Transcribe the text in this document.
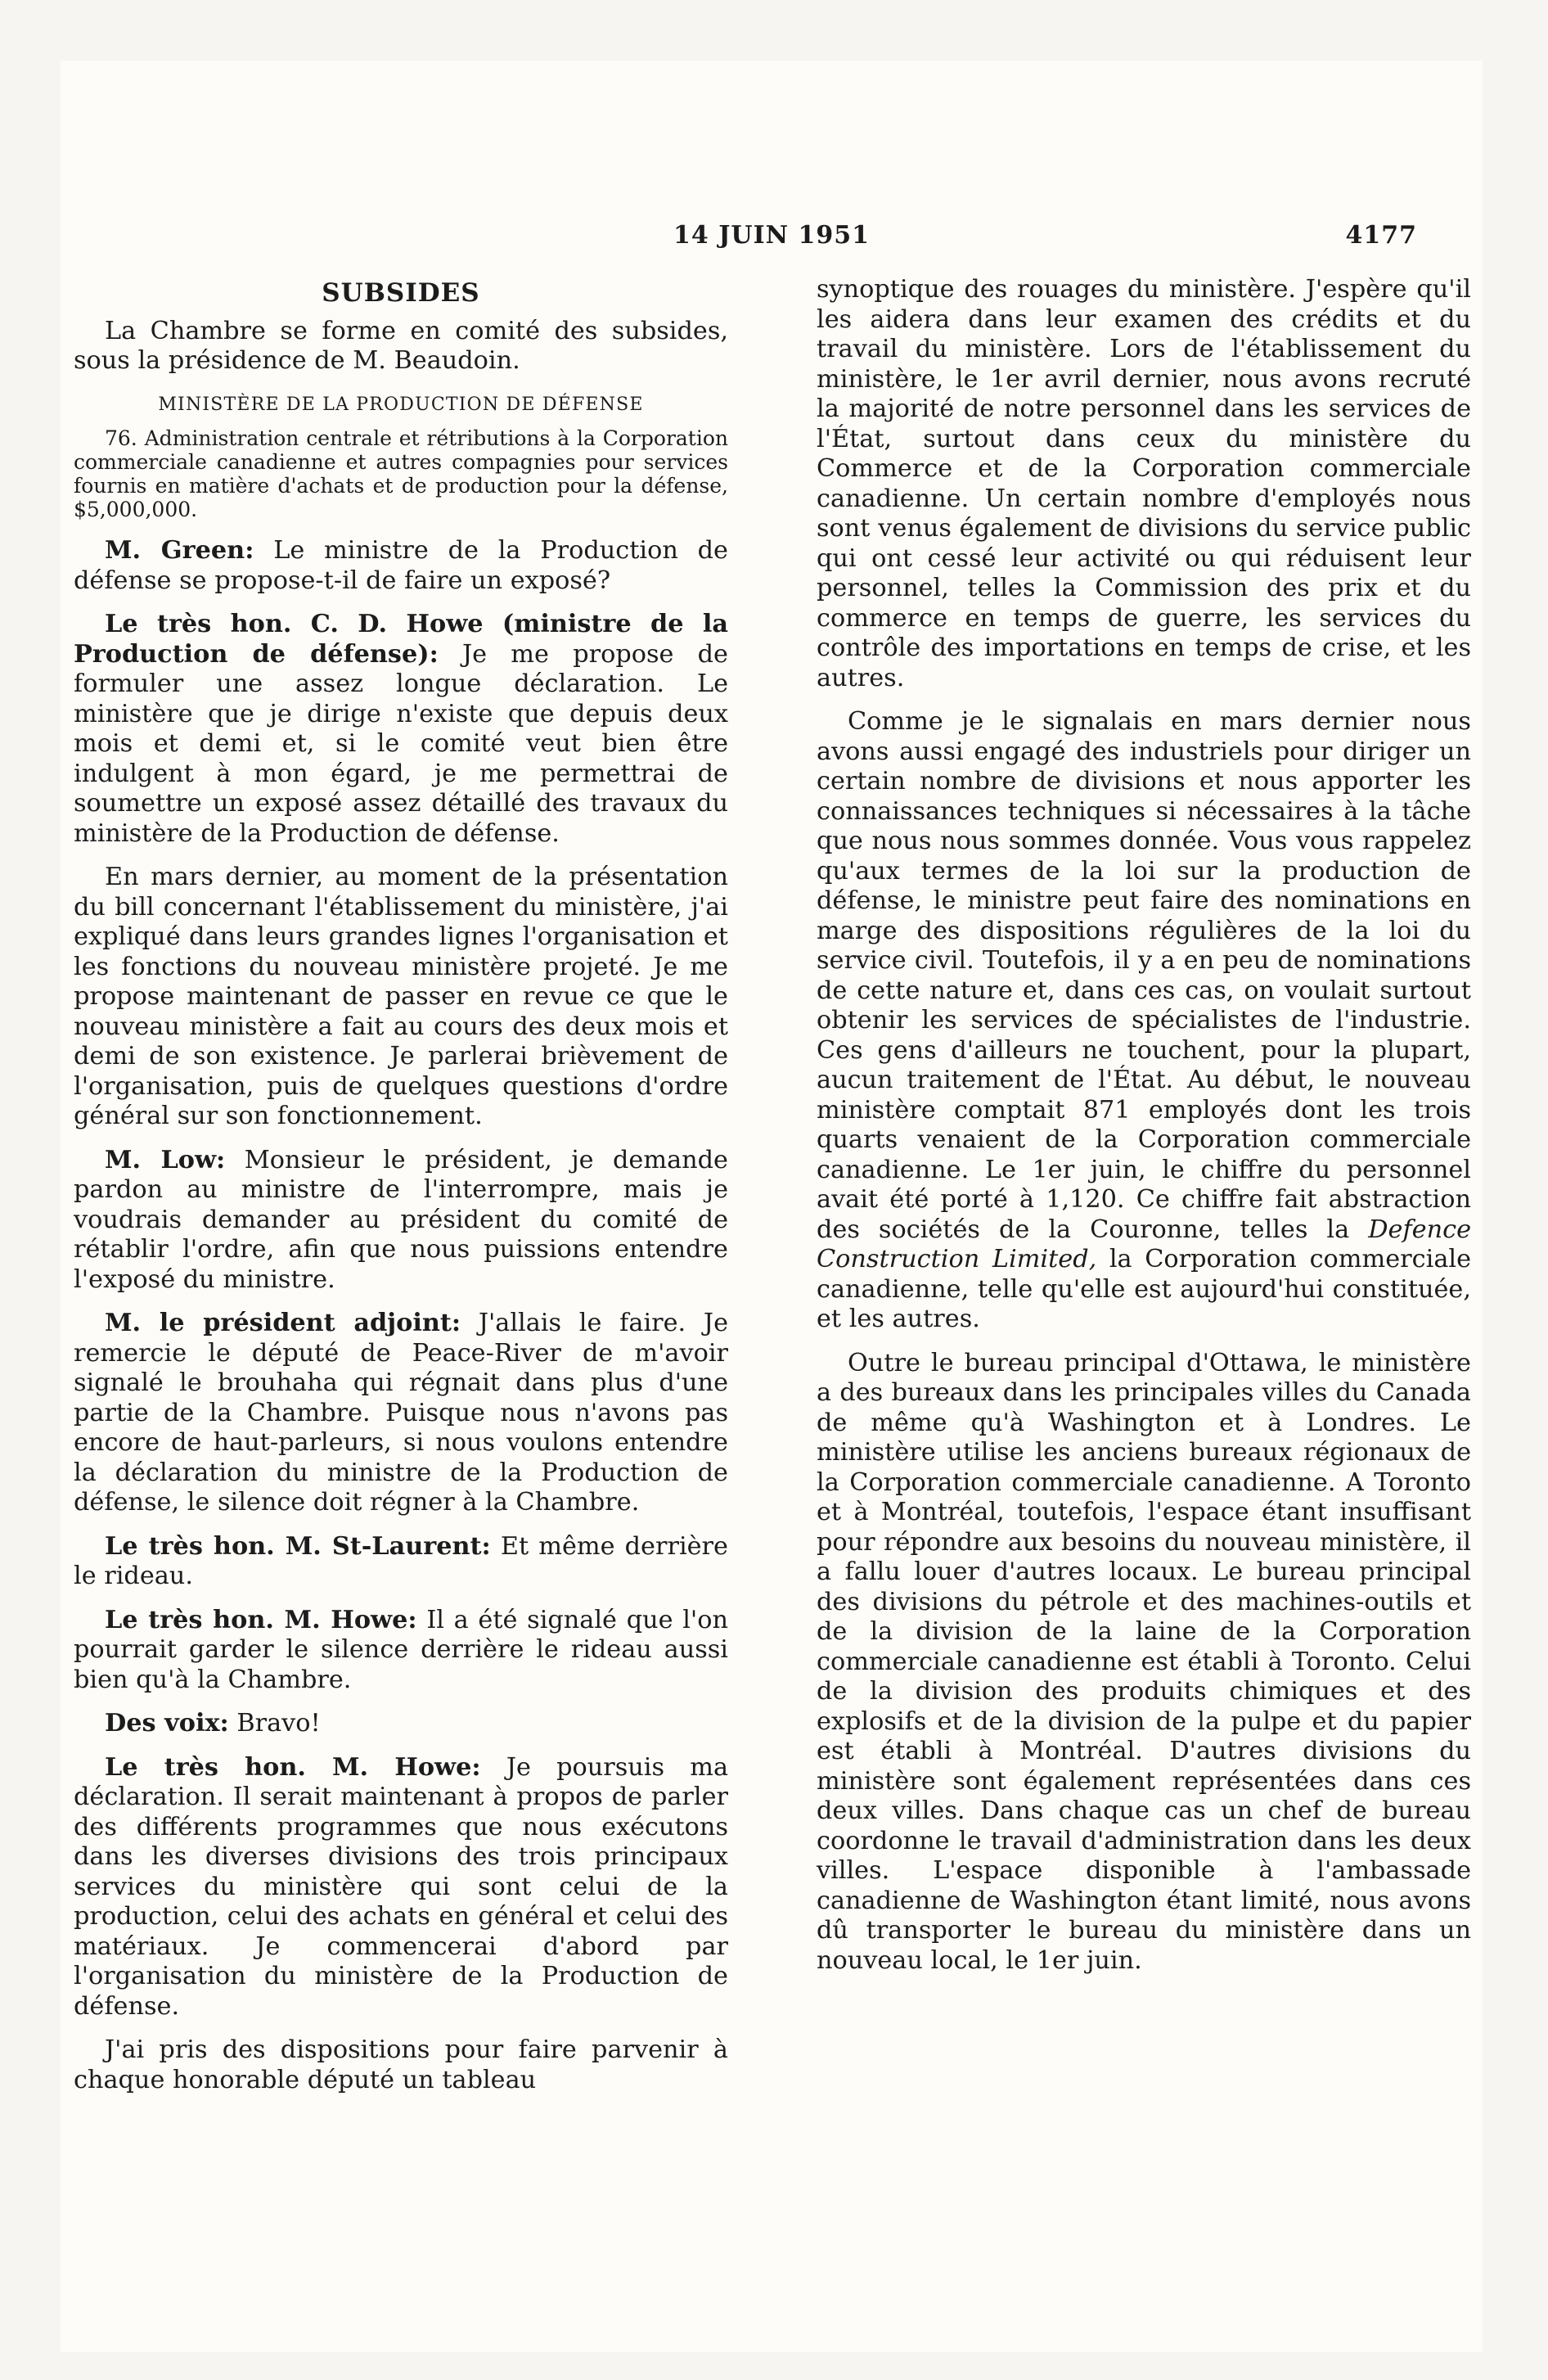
14 JUIN 1951	4177
SUBSIDES

La Chambre se forme en comité des subsides, sous la présidence de M. Beaudoin.

MINISTÈRE DE LA PRODUCTION DE DÉFENSE

76. Administration centrale et rétributions à la Corporation commerciale canadienne et autres compagnies pour services fournis en matière d'achats et de production pour la défense, $5,000,000.

M. Green: Le ministre de la Production de défense se propose-t-il de faire un exposé?

Le très hon. C. D. Howe (ministre de la Production de défense): Je me propose de formuler une assez longue déclaration. Le ministère que je dirige n'existe que depuis deux mois et demi et, si le comité veut bien être indulgent à mon égard, je me permettrai de soumettre un exposé assez détaillé des travaux du ministère de la Production de défense.

En mars dernier, au moment de la présentation du bill concernant l'établissement du ministère, j'ai expliqué dans leurs grandes lignes l'organisation et les fonctions du nouveau ministère projeté. Je me propose maintenant de passer en revue ce que le nouveau ministère a fait au cours des deux mois et demi de son existence. Je parlerai brièvement de l'organisation, puis de quelques questions d'ordre général sur son fonctionnement.

M. Low: Monsieur le président, je demande pardon au ministre de l'interrompre, mais je voudrais demander au président du comité de rétablir l'ordre, afin que nous puissions entendre l'exposé du ministre.

M. le président adjoint: J'allais le faire. Je remercie le député de Peace-River de m'avoir signalé le brouhaha qui régnait dans plus d'une partie de la Chambre. Puisque nous n'avons pas encore de haut-parleurs, si nous voulons entendre la déclaration du ministre de la Production de défense, le silence doit régner à la Chambre.

Le très hon. M. St-Laurent: Et même derrière le rideau.

Le très hon. M. Howe: Il a été signalé que l'on pourrait garder le silence derrière le rideau aussi bien qu'à la Chambre.

Des voix: Bravo!

Le très hon. M. Howe: Je poursuis ma déclaration. Il serait maintenant à propos de parler des différents programmes que nous exécutons dans les diverses divisions des trois principaux services du ministère qui sont celui de la production, celui des achats en général et celui des matériaux. Je commencerai d'abord par l'organisation du ministère de la Production de défense.

J'ai pris des dispositions pour faire parvenir à chaque honorable député un tableau

synoptique des rouages du ministère. J'espère qu'il les aidera dans leur examen des crédits et du travail du ministère. Lors de l'établissement du ministère, le 1er avril dernier, nous avons recruté la majorité de notre personnel dans les services de l'État, surtout dans ceux du ministère du Commerce et de la Corporation commerciale canadienne. Un certain nombre d'employés nous sont venus également de divisions du service public qui ont cessé leur activité ou qui réduisent leur personnel, telles la Commission des prix et du commerce en temps de guerre, les services du contrôle des importations en temps de crise, et les autres.

Comme je le signalais en mars dernier nous avons aussi engagé des industriels pour diriger un certain nombre de divisions et nous apporter les connaissances techniques si nécessaires à la tâche que nous nous sommes donnée. Vous vous rappelez qu'aux termes de la loi sur la production de défense, le ministre peut faire des nominations en marge des dispositions régulières de la loi du service civil. Toutefois, il y a en peu de nominations de cette nature et, dans ces cas, on voulait surtout obtenir les services de spécialistes de l'industrie. Ces gens d'ailleurs ne touchent, pour la plupart, aucun traitement de l'État. Au début, le nouveau ministère comptait 871 employés dont les trois quarts venaient de la Corporation commerciale canadienne. Le 1er juin, le chiffre du personnel avait été porté à 1,120. Ce chiffre fait abstraction des sociétés de la Couronne, telles la Defence Construction Limited, la Corporation commerciale canadienne, telle qu'elle est aujourd'hui constituée, et les autres.

Outre le bureau principal d'Ottawa, le ministère a des bureaux dans les principales villes du Canada de même qu'à Washington et à Londres. Le ministère utilise les anciens bureaux régionaux de la Corporation commerciale canadienne. A Toronto et à Montréal, toutefois, l'espace étant insuffisant pour répondre aux besoins du nouveau ministère, il a fallu louer d'autres locaux. Le bureau principal des divisions du pétrole et des machines-outils et de la division de la laine de la Corporation commerciale canadienne est établi à Toronto. Celui de la division des produits chimiques et des explosifs et de la division de la pulpe et du papier est établi à Montréal. D'autres divisions du ministère sont également représentées dans ces deux villes. Dans chaque cas un chef de bureau coordonne le travail d'administration dans les deux villes. L'espace disponible à l'ambassade canadienne de Washington étant limité, nous avons dû transporter le bureau du ministère dans un nouveau local, le 1er juin.
